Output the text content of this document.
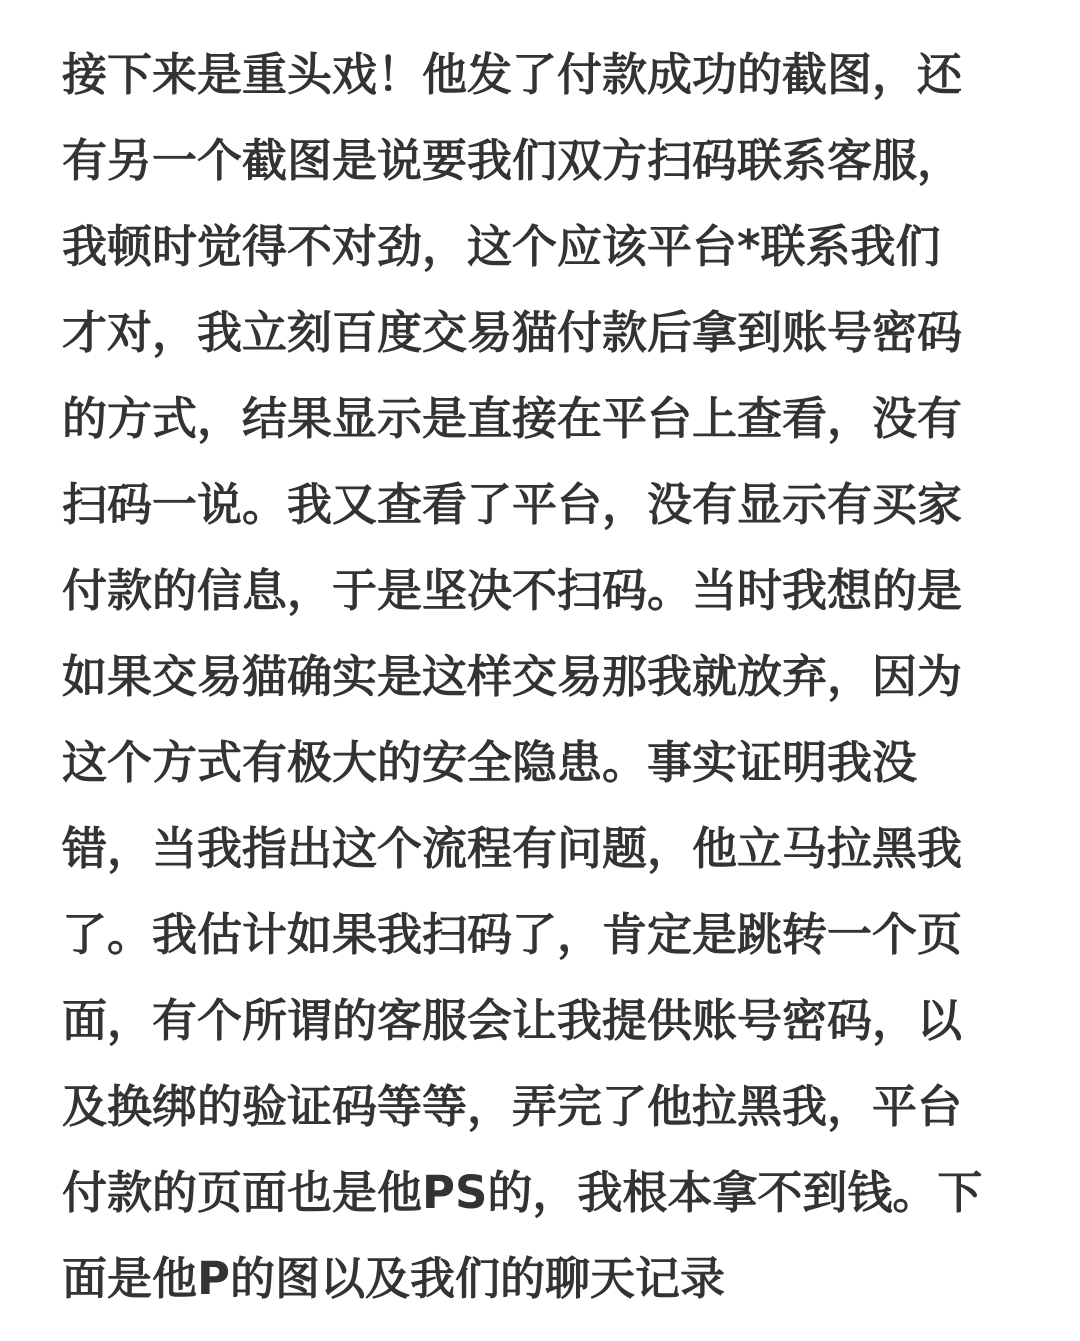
接下来是重头戏！他发了付款成功的截图，还
有另一个截图是说要我们双方扫码联系客服，
我顿时觉得不对劲，这个应该平台*联系我们
才对，我立刻百度交易猫付款后拿到账号密码
的方式，结果显示是直接在平台上查看，没有
扫码一说。我又查看了平台，没有显示有买家
付款的信息，于是坚决不扫码。当时我想的是
如果交易猫确实是这样交易那我就放弃，因为
这个方式有极大的安全隐患。事实证明我没
错，当我指出这个流程有问题，他立马拉黑我
了。我估计如果我扫码了，肯定是跳转一个页
面，有个所谓的客服会让我提供账号密码，以
及换绑的验证码等等，弄完了他拉黑我，平台
付款的页面也是他PS的，我根本拿不到钱。下
面是他P的图以及我们的聊天记录
